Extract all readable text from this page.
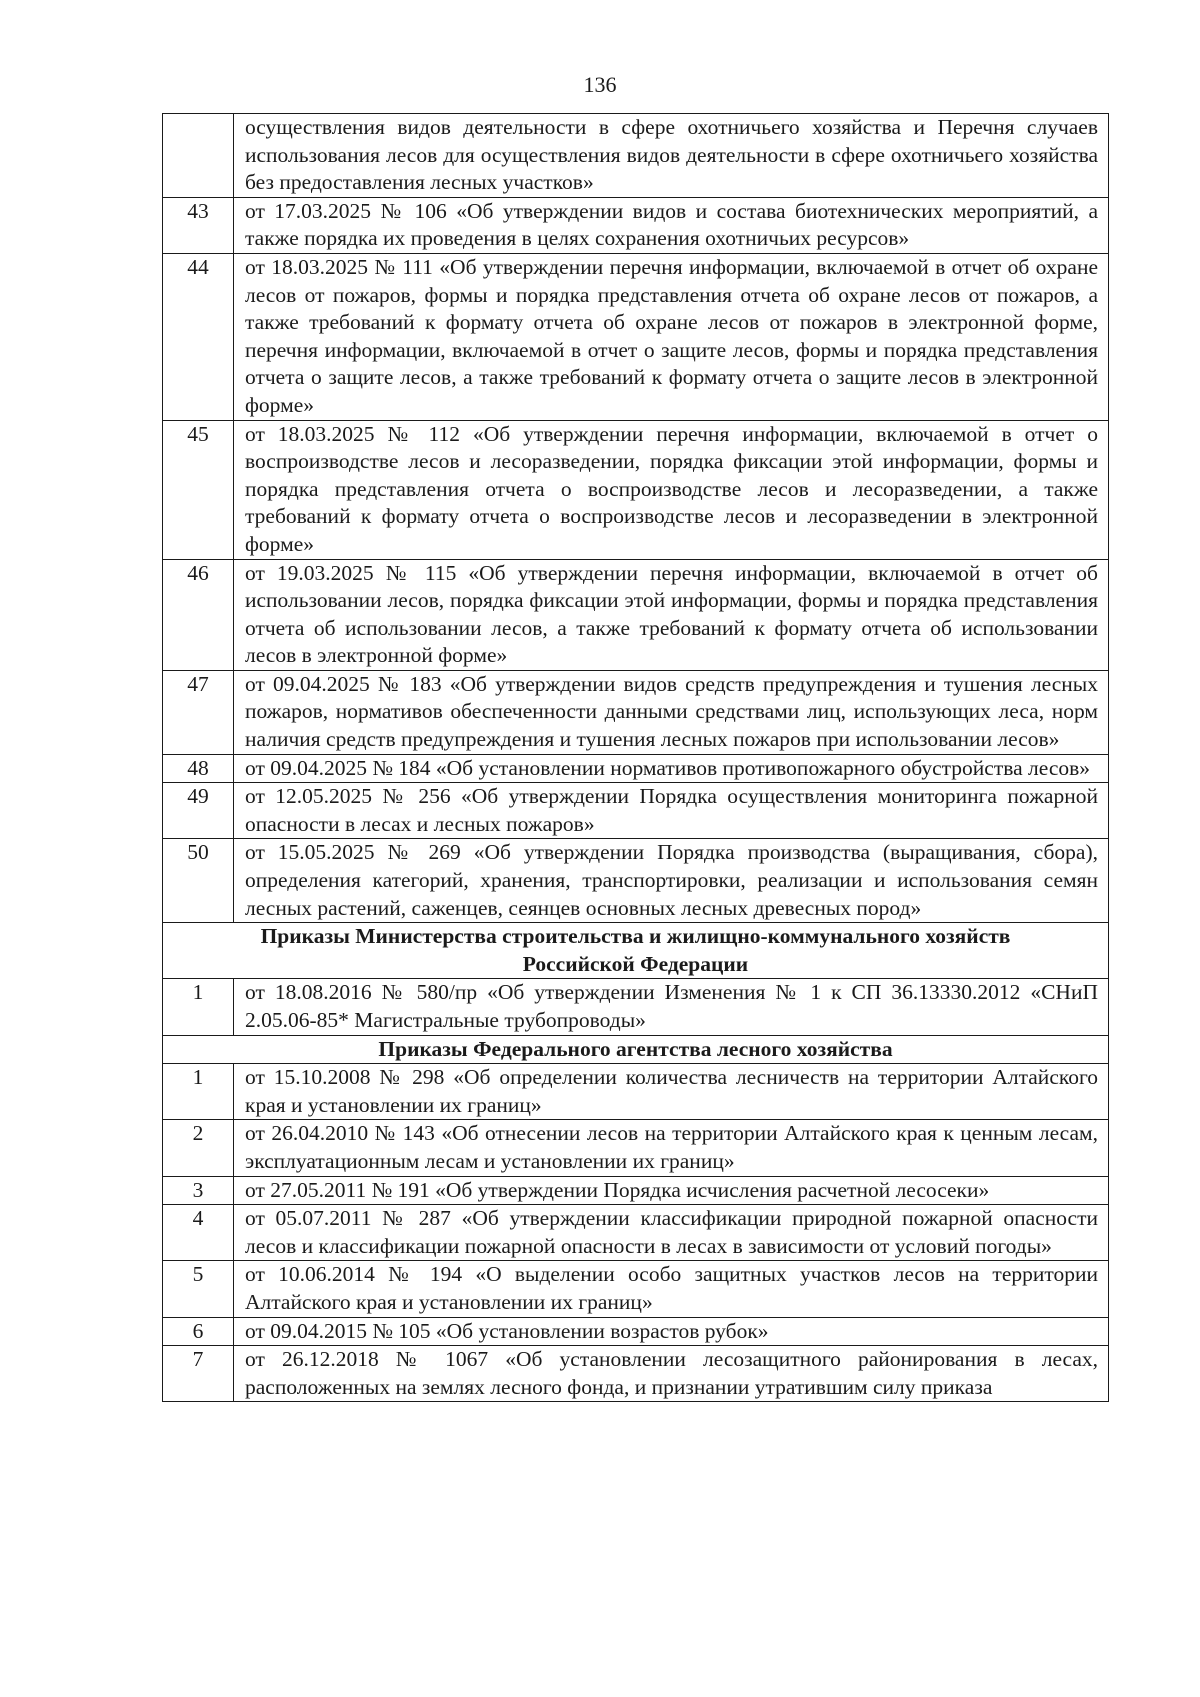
136
	осуществления видов деятельности в сфере охотничьего хозяйства и Перечня случаев использования лесов для осуществления видов деятельности в сфере охотничьего хозяйства без предоставления лесных участков»
43	от 17.03.2025 № 106 «Об утверждении видов и состава биотехнических мероприятий, а также порядка их проведения в целях сохранения охотничьих ресурсов»
44	от 18.03.2025 № 111 «Об утверждении перечня информации, включаемой в отчет об охране лесов от пожаров, формы и порядка представления отчета об охране лесов от пожаров, а также требований к формату отчета об охране лесов от пожаров в электронной форме, перечня информации, включаемой в отчет о защите лесов, формы и порядка представления отчета о защите лесов, а также требований к формату отчета о защите лесов в электронной форме»
45	от 18.03.2025 № 112 «Об утверждении перечня информации, включаемой в отчет о воспроизводстве лесов и лесоразведении, порядка фиксации этой информации, формы и порядка представления отчета о воспроизводстве лесов и лесоразведении, а также требований к формату отчета о воспроизводстве лесов и лесоразведении в электронной форме»
46	от 19.03.2025 № 115 «Об утверждении перечня информации, включаемой в отчет об использовании лесов, порядка фиксации этой информации, формы и порядка представления отчета об использовании лесов, а также требований к формату отчета об использовании лесов в электронной форме»
47	от 09.04.2025 № 183 «Об утверждении видов средств предупреждения и тушения лесных пожаров, нормативов обеспеченности данными средствами лиц, использующих леса, норм наличия средств предупреждения и тушения лесных пожаров при использовании лесов»
48	от 09.04.2025 № 184 «Об установлении нормативов противопожарного обустройства лесов»
49	от 12.05.2025 № 256 «Об утверждении Порядка осуществления мониторинга пожарной опасности в лесах и лесных пожаров»
50	от 15.05.2025 № 269 «Об утверждении Порядка производства (выращивания, сбора), определения категорий, хранения, транспортировки, реализации и использования семян лесных растений, саженцев, сеянцев основных лесных древесных пород»
Приказы Министерства строительства и жилищно-коммунального хозяйств
Российской Федерации	
1	от 18.08.2016 № 580/пр «Об утверждении Изменения № 1 к СП 36.13330.2012 «СНиП 2.05.06-85* Магистральные трубопроводы»
Приказы Федерального агентства лесного хозяйства	
1	от 15.10.2008 № 298 «Об определении количества лесничеств на территории Алтайского края и установлении их границ»
2	от 26.04.2010 № 143 «Об отнесении лесов на территории Алтайского края к ценным лесам, эксплуатационным лесам и установлении их границ»
3	от 27.05.2011 № 191 «Об утверждении Порядка исчисления расчетной лесосеки»
4	от 05.07.2011 № 287 «Об утверждении классификации природной пожарной опасности лесов и классификации пожарной опасности в лесах в зависимости от условий погоды»
5	от 10.06.2014 № 194 «О выделении особо защитных участков лесов на территории Алтайского края и установлении их границ»
6	от 09.04.2015 № 105 «Об установлении возрастов рубок»
7	от 26.12.2018 № 1067 «Об установлении лесозащитного районирования в лесах, расположенных на землях лесного фонда, и признании утратившим силу приказа
